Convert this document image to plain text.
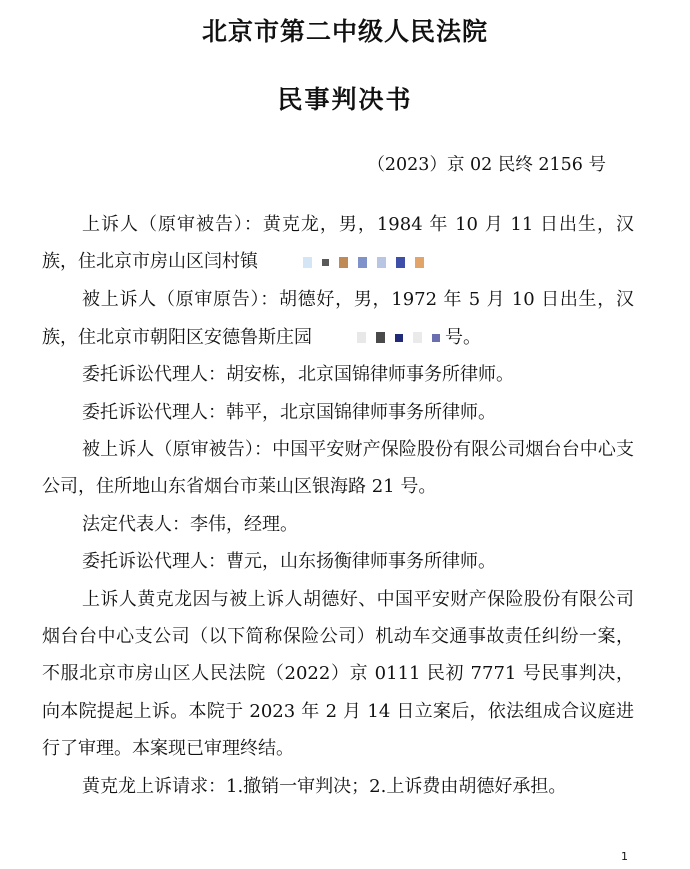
北京市第二中级人民法院
民事判决书
（2023）京 02 民终 2156 号

上诉人（原审被告）：黄克龙，男，1984 年 10 月 11 日出生，汉族，住北京市房山区闫村镇

被上诉人（原审原告）：胡德好，男，1972 年 5 月 10 日出生，汉族，住北京市朝阳区安德鲁斯庄园	号。

委托诉讼代理人：胡安栋，北京国锦律师事务所律师。

委托诉讼代理人：韩平，北京国锦律师事务所律师。

被上诉人（原审被告）：中国平安财产保险股份有限公司烟台台中心支公司，住所地山东省烟台市莱山区银海路 21 号。

法定代表人：李伟，经理。

委托诉讼代理人：曹元，山东扬衡律师事务所律师。

上诉人黄克龙因与被上诉人胡德好、中国平安财产保险股份有限公司烟台台中心支公司（以下简称保险公司）机动车交通事故责任纠纷一案，不服北京市房山区人民法院（2022）京 0111 民初 7771 号民事判决，向本院提起上诉。本院于 2023 年 2 月 14 日立案后，依法组成合议庭进行了审理。本案现已审理终结。

黄克龙上诉请求：1.撤销一审判决；2.上诉费由胡德好承担。

1
